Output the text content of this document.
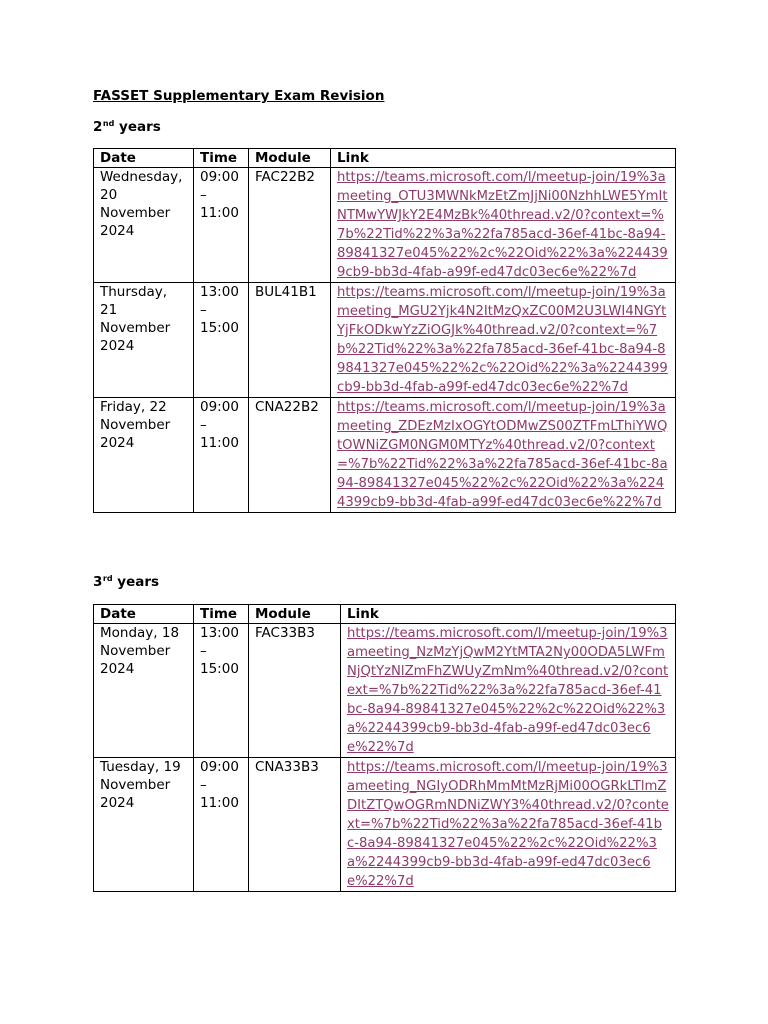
FASSET Supplementary Exam Revision
2nd years
Date	Time	Module	Link
Wednesday, 20 November 2024	09:00 – 11:00	FAC22B2	https://teams.microsoft.com/l/meetup-join/19%3ameeting_OTU3MWNkMzEtZmJjNi00NzhhLWE5YmItNTMwYWJkY2E4MzBk%40thread.v2/0?context=%7b%22Tid%22%3a%22fa785acd-36ef-41bc-8a94-89841327e045%22%2c%22Oid%22%3a%2244399cb9-bb3d-4fab-a99f-ed47dc03ec6e%22%7d
Thursday, 21 November 2024	13:00 – 15:00	BUL41B1	https://teams.microsoft.com/l/meetup-join/19%3ameeting_MGU2Yjk4N2ItMzQxZC00M2U3LWI4NGYtYjFkODkwYzZiOGJk%40thread.v2/0?context=%7b%22Tid%22%3a%22fa785acd-36ef-41bc-8a94-89841327e045%22%2c%22Oid%22%3a%2244399cb9-bb3d-4fab-a99f-ed47dc03ec6e%22%7d
Friday, 22 November 2024	09:00 – 11:00	CNA22B2	https://teams.microsoft.com/l/meetup-join/19%3ameeting_ZDEzMzIxOGYtODMwZS00ZTFmLThiYWQtOWNiZGM0NGM0MTYz%40thread.v2/0?context=%7b%22Tid%22%3a%22fa785acd-36ef-41bc-8a94-89841327e045%22%2c%22Oid%22%3a%2244399cb9-bb3d-4fab-a99f-ed47dc03ec6e%22%7d
3rd years
Date	Time	Module	Link
Monday, 18 November 2024	13:00 – 15:00	FAC33B3	https://teams.microsoft.com/l/meetup-join/19%3ameeting_NzMzYjQwM2YtMTA2Ny00ODA5LWFmNjQtYzNlZmFhZWUyZmNm%40thread.v2/0?context=%7b%22Tid%22%3a%22fa785acd-36ef-41bc-8a94-89841327e045%22%2c%22Oid%22%3a%2244399cb9-bb3d-4fab-a99f-ed47dc03ec6e%22%7d
Tuesday, 19 November 2024	09:00 – 11:00	CNA33B3	https://teams.microsoft.com/l/meetup-join/19%3ameeting_NGIyODRhMmMtMzRjMi00OGRkLTlmZDItZTQwOGRmNDNiZWY3%40thread.v2/0?context=%7b%22Tid%22%3a%22fa785acd-36ef-41bc-8a94-89841327e045%22%2c%22Oid%22%3a%2244399cb9-bb3d-4fab-a99f-ed47dc03ec6e%22%7d
